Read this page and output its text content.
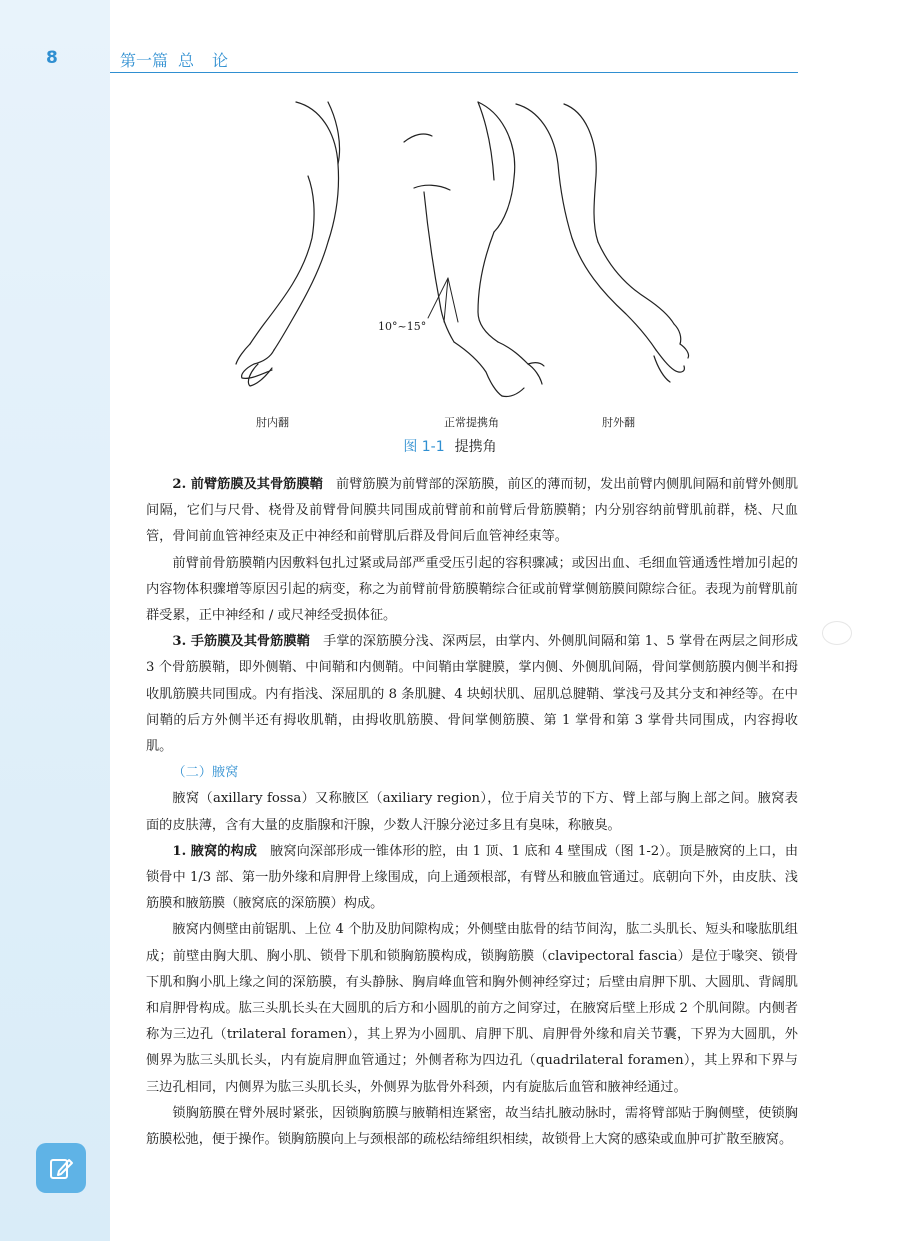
8	第一篇 总论
10°~15°
肘内翻	正常提携角	肘外翻
图 1-1 提携角

2. 前臂筋膜及其骨筋膜鞘　 前臂筋膜为前臂部的深筋膜，前区的薄而韧，发出前臂内侧肌间隔和前臂外侧肌间隔，它们与尺骨、桡骨及前臂骨间膜共同围成前臂前和前臂后骨筋膜鞘；内分别容纳前臂肌前群，桡、尺血管，骨间前血管神经束及正中神经和前臂肌后群及骨间后血管神经束等。

前臂前骨筋膜鞘内因敷料包扎过紧或局部严重受压引起的容积骤减；或因出血、毛细血管通透性增加引起的内容物体积骤增等原因引起的病变，称之为前臂前骨筋膜鞘综合征或前臂掌侧筋膜间隙综合征。表现为前臂肌前群受累，正中神经和 / 或尺神经受损体征。

3. 手筋膜及其骨筋膜鞘　 手掌的深筋膜分浅、深两层，由掌内、外侧肌间隔和第 1、5 掌骨在两层之间形成 3 个骨筋膜鞘，即外侧鞘、中间鞘和内侧鞘。中间鞘由掌腱膜，掌内侧、外侧肌间隔，骨间掌侧筋膜内侧半和拇收肌筋膜共同围成。内有指浅、深屈肌的 8 条肌腱、4 块蚓状肌、屈肌总腱鞘、掌浅弓及其分支和神经等。在中间鞘的后方外侧半还有拇收肌鞘，由拇收肌筋膜、骨间掌侧筋膜、第 1 掌骨和第 3 掌骨共同围成，内容拇收肌。

（二）腋窝

腋窝（axillary fossa）又称腋区（axiliary region），位于肩关节的下方、臂上部与胸上部之间。腋窝表面的皮肤薄，含有大量的皮脂腺和汗腺，少数人汗腺分泌过多且有臭味，称腋臭。

1. 腋窝的构成　 腋窝向深部形成一锥体形的腔，由 1 顶、1 底和 4 壁围成（图 1-2）。顶是腋窝的上口，由锁骨中 1/3 部、第一肋外缘和肩胛骨上缘围成，向上通颈根部，有臂丛和腋血管通过。底朝向下外，由皮肤、浅筋膜和腋筋膜（腋窝底的深筋膜）构成。

腋窝内侧壁由前锯肌、上位 4 个肋及肋间隙构成；外侧壁由肱骨的结节间沟，肱二头肌长、短头和喙肱肌组成；前壁由胸大肌、胸小肌、锁骨下肌和锁胸筋膜构成，锁胸筋膜（clavipectoral fascia）是位于喙突、锁骨下肌和胸小肌上缘之间的深筋膜，有头静脉、胸肩峰血管和胸外侧神经穿过；后壁由肩胛下肌、大圆肌、背阔肌和肩胛骨构成。肱三头肌长头在大圆肌的后方和小圆肌的前方之间穿过，在腋窝后壁上形成 2 个肌间隙。内侧者称为三边孔（trilateral foramen），其上界为小圆肌、肩胛下肌、肩胛骨外缘和肩关节囊，下界为大圆肌，外侧界为肱三头肌长头，内有旋肩胛血管通过；外侧者称为四边孔（quadrilateral foramen），其上界和下界与三边孔相同，内侧界为肱三头肌长头，外侧界为肱骨外科颈，内有旋肱后血管和腋神经通过。

锁胸筋膜在臂外展时紧张，因锁胸筋膜与腋鞘相连紧密，故当结扎腋动脉时，需将臂部贴于胸侧壁，使锁胸筋膜松弛，便于操作。锁胸筋膜向上与颈根部的疏松结缔组织相续，故锁骨上大窝的感染或血肿可扩散至腋窝。
